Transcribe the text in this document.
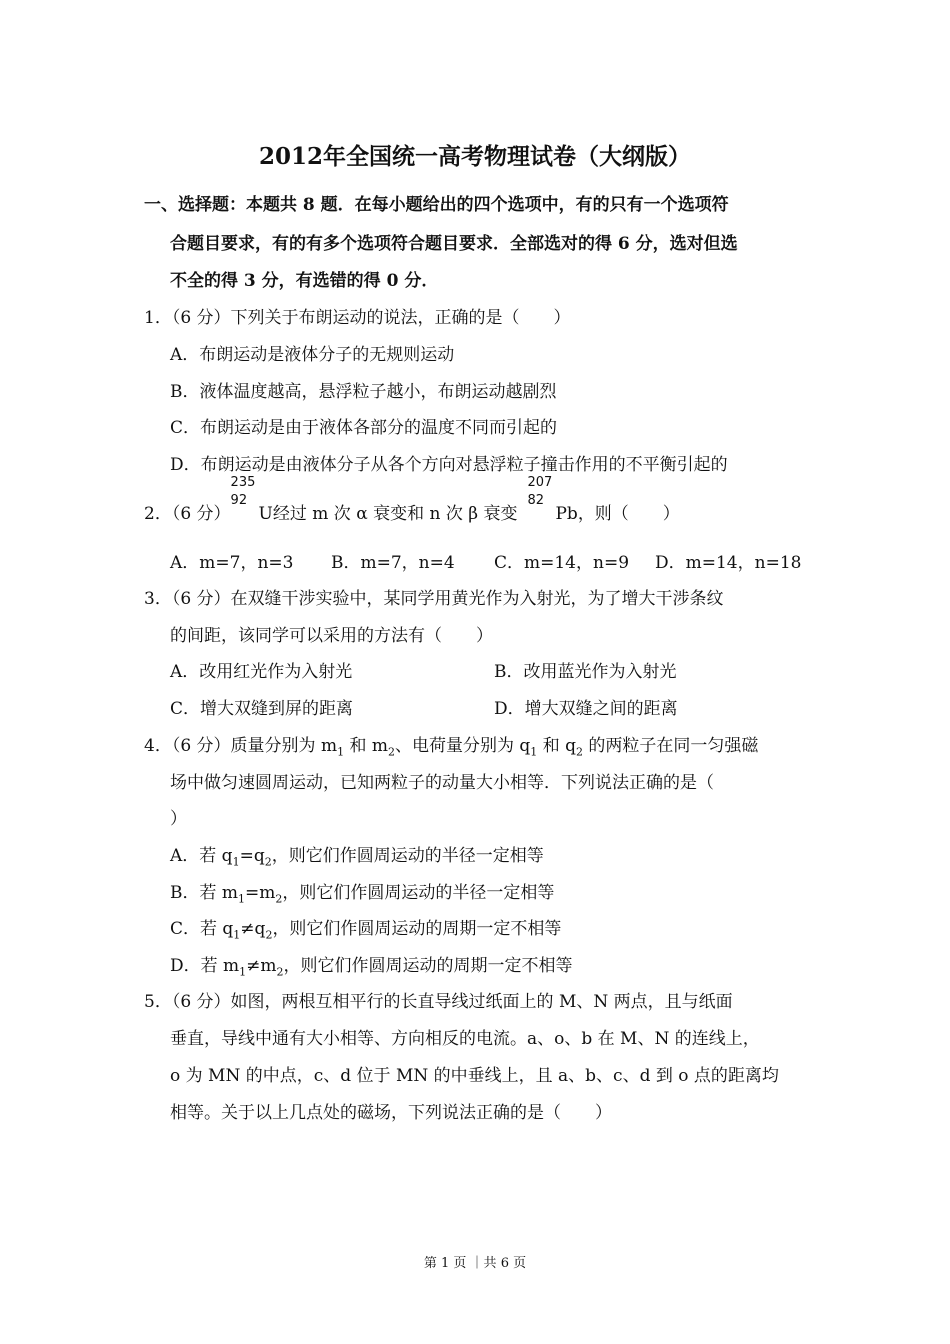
2012年全国统一高考物理试卷（大纲版）
一、选择题：本题共 8 题．在每小题给出的四个选项中，有的只有一个选项符
合题目要求，有的有多个选项符合题目要求．全部选对的得 6 分，选对但选
不全的得 3 分，有选错的得 0 分．
1．（6 分）下列关于布朗运动的说法，正确的是（　　）
A．布朗运动是液体分子的无规则运动
B．液体温度越高，悬浮粒子越小，布朗运动越剧烈
C．布朗运动是由于液体各部分的温度不同而引起的
D．布朗运动是由液体分子从各个方向对悬浮粒子撞击作用的不平衡引起的
2．（6 分）
235
92
U经过 m 次 α 衰变和 n 次 β 衰变
207
82
Pb，则（　　）
A．m=7，n=3 B．m=7，n=4 C．m=14，n=9 D．m=14，n=18
3．（6 分）在双缝干涉实验中，某同学用黄光作为入射光，为了增大干涉条纹
的间距，该同学可以采用的方法有（　　）
A．改用红光作为入射光	B．改用蓝光作为入射光
C．增大双缝到屏的距离	D．增大双缝之间的距离
4．（6 分）质量分别为 $m_1$ 和 $m_2$、电荷量分别为 $q_1$ 和 $q_2$ 的两粒子在同一匀强磁
场中做匀速圆周运动，已知两粒子的动量大小相等．下列说法正确的是（
）
A．若 $q_1=q_2$，则它们作圆周运动的半径一定相等
B．若 $m_1=m_2$，则它们作圆周运动的半径一定相等
C．若 $q_1\ne q_2$，则它们作圆周运动的周期一定不相等
D．若 $m_1\ne m_2$，则它们作圆周运动的周期一定不相等
5．（6 分）如图，两根互相平行的长直导线过纸面上的 M、N 两点，且与纸面
垂直，导线中通有大小相等、方向相反的电流。a、o、b 在 M、N 的连线上，
o 为 MN 的中点，c、d 位于 MN 的中垂线上，且 a、b、c、d 到 o 点的距离均
相等。关于以上几点处的磁场，下列说法正确的是（　　）
第 1 页 ｜共 6 页
